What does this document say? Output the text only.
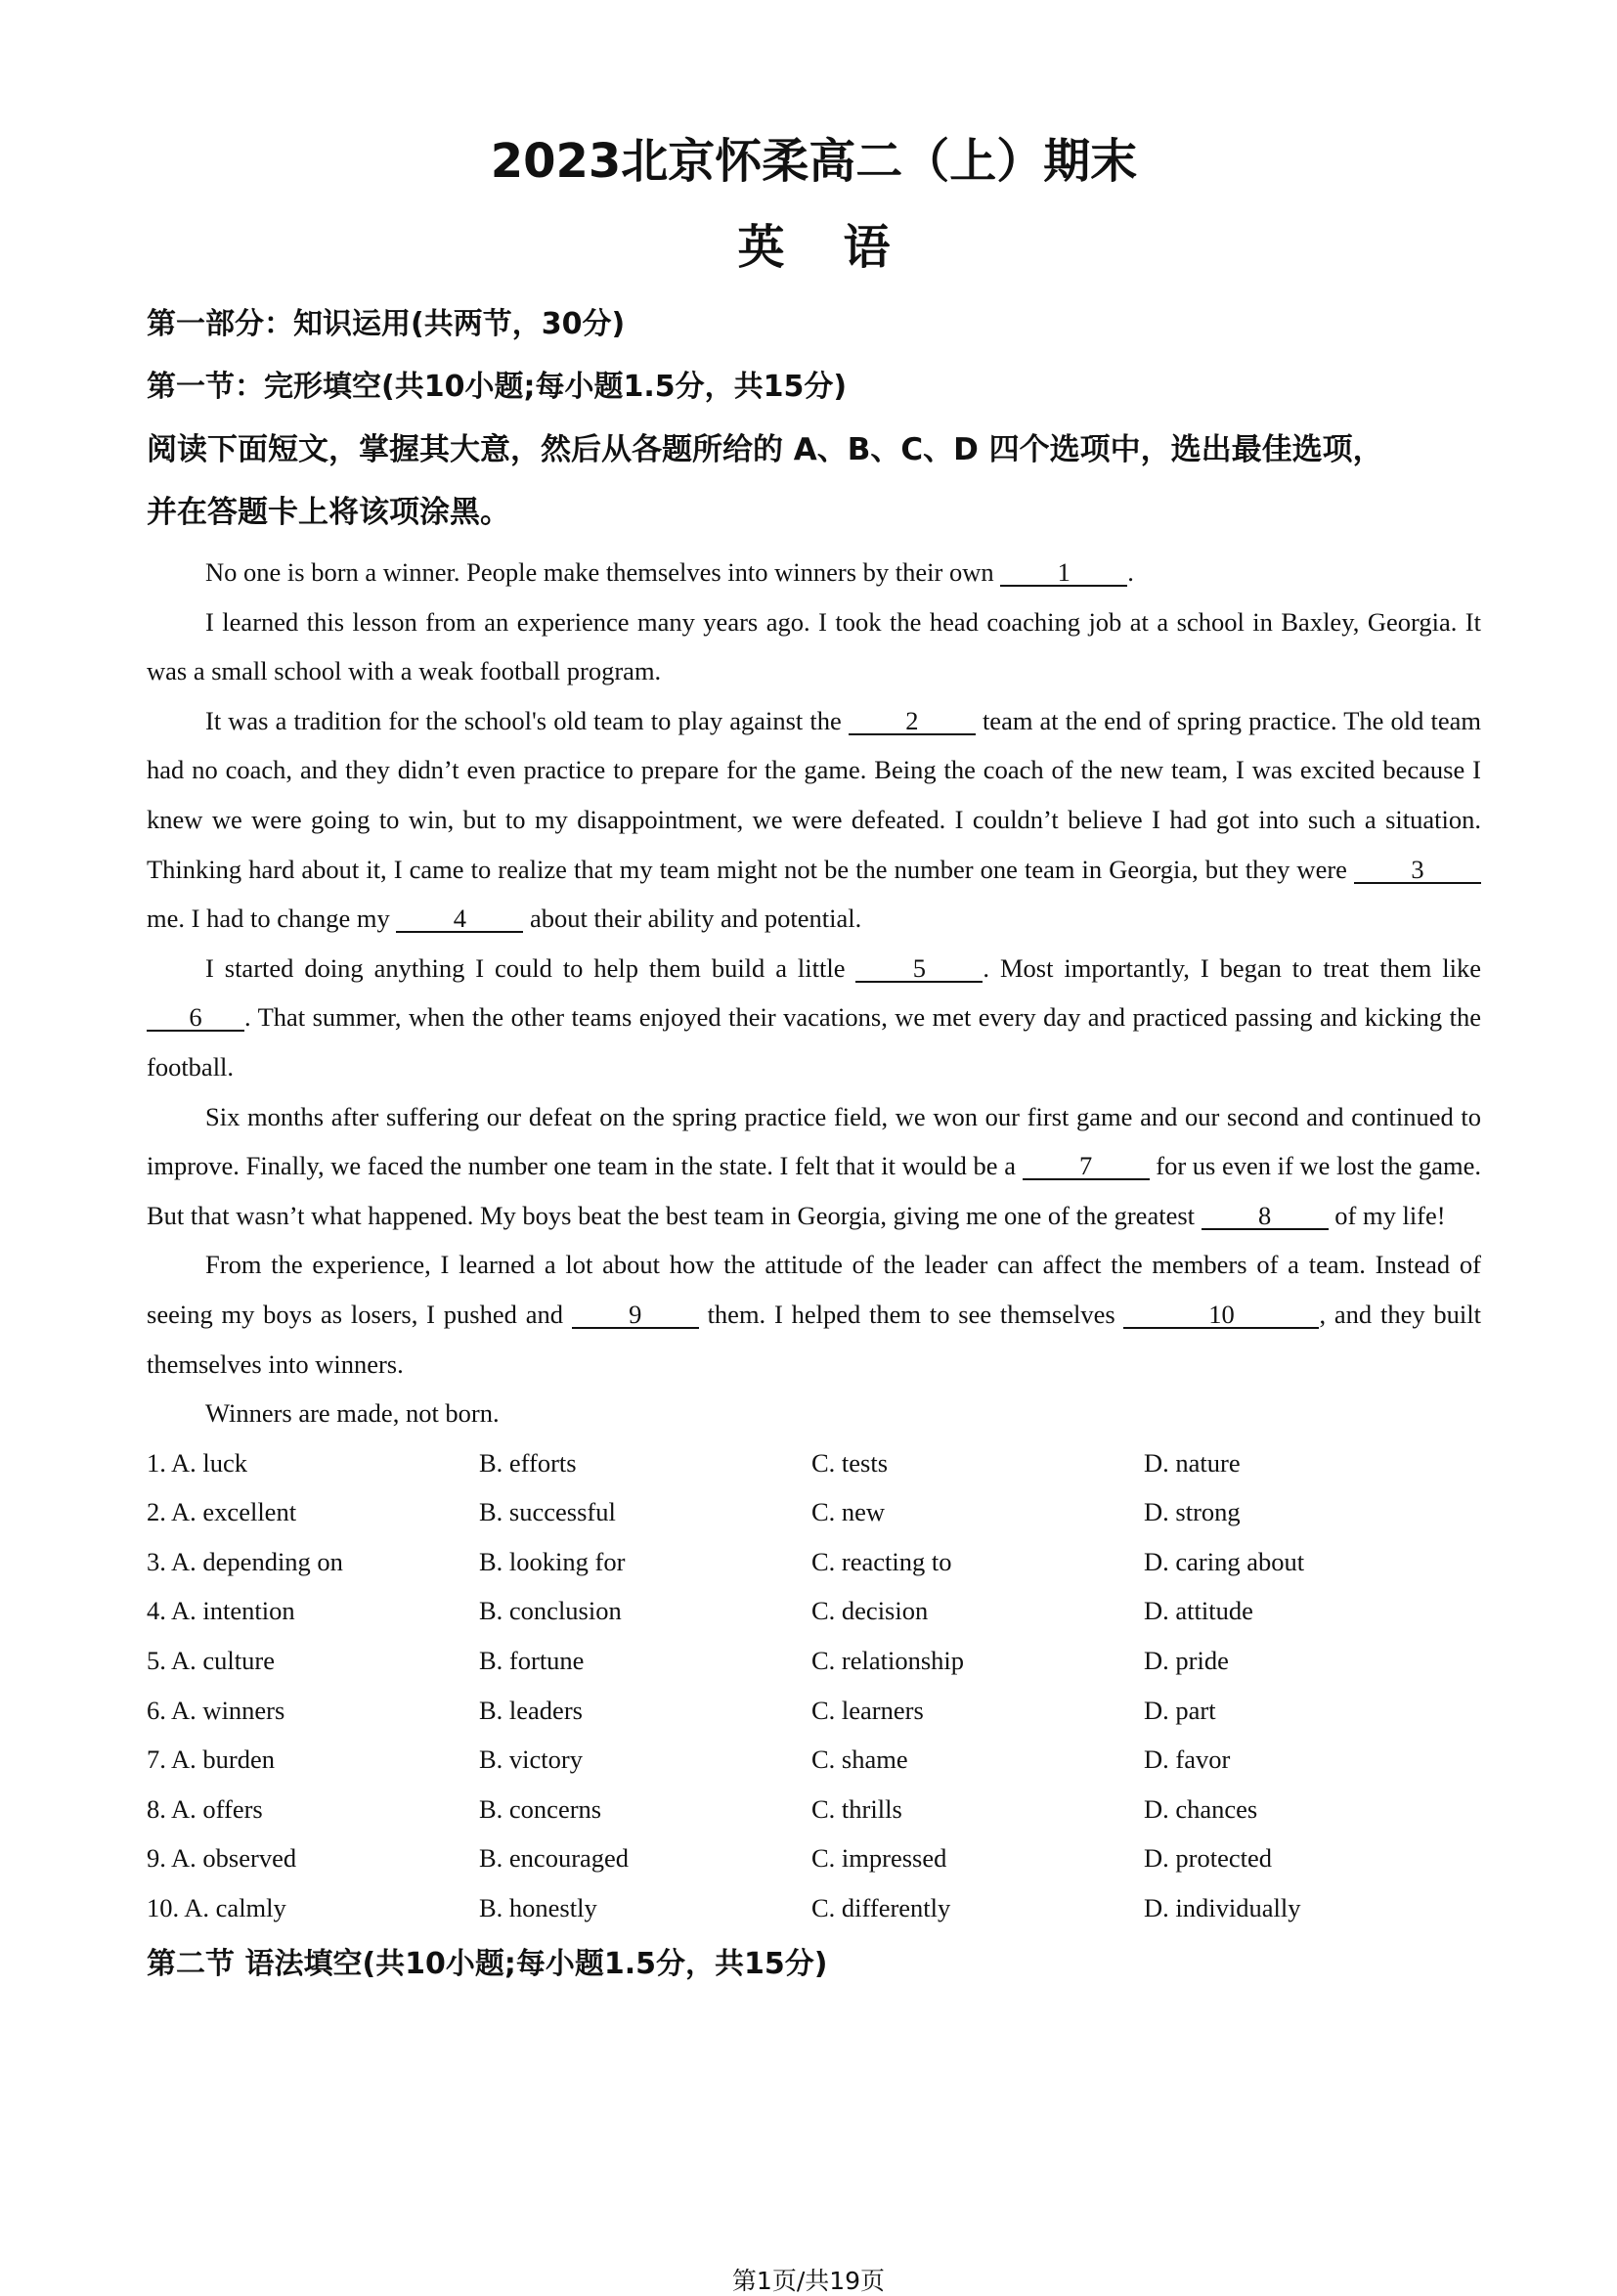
2023北京怀柔高二（上）期末
英语

第一部分：知识运用(共两节，30分)

第一节：完形填空(共10小题;每小题1.5分，共15分)

阅读下面短文，掌握其大意，然后从各题所给的 A、B、C、D 四个选项中，选出最佳选项，

并在答题卡上将该项涂黑。

No one is born a winner. People make themselves into winners by their own 1 .

I learned this lesson from an experience many years ago. I took the head coaching job at a school in Baxley, Georgia. It was a small school with a weak football program.

It was a tradition for the school's old team to play against the 2 team at the end of spring practice. The old team had no coach, and they didn’t even practice to prepare for the game. Being the coach of the new team, I was excited because I knew we were going to win, but to my disappointment, we were defeated. I couldn’t believe I had got into such a situation. Thinking hard about it, I came to realize that my team might not be the number one team in Georgia, but they were 3 me. I had to change my 4 about their ability and potential.

I started doing anything I could to help them build a little 5 . Most importantly, I began to treat them like 6 . That summer, when the other teams enjoyed their vacations, we met every day and practiced passing and kicking the football.

Six months after suffering our defeat on the spring practice field, we won our first game and our second and continued to improve. Finally, we faced the number one team in the state. I felt that it would be a 7 for us even if we lost the game. But that wasn’t what happened. My boys beat the best team in Georgia, giving me one of the greatest 8 of my life!

From the experience, I learned a lot about how the attitude of the leader can affect the members of a team. Instead of seeing my boys as losers, I pushed and 9 them. I helped them to see themselves	10	, and they built themselves into winners.

Winners are made, not born.

1. A. luck	B. efforts	C. tests	D. nature
2. A. excellent	B. successful	C. new	D. strong
3. A. depending on	B. looking for	C. reacting to	D. caring about
4. A. intention	B. conclusion	C. decision	D. attitude
5. A. culture	B. fortune	C. relationship	D. pride
6. A. winners	B. leaders	C. learners	D. part
7. A. burden	B. victory	C. shame	D. favor
8. A. offers	B. concerns	C. thrills	D. chances
9. A. observed	B. encouraged	C. impressed	D. protected
10. A. calmly	B. honestly	C. differently	D. individually

第二节 语法填空(共10小题;每小题1.5分，共15分)

第1页/共19页
